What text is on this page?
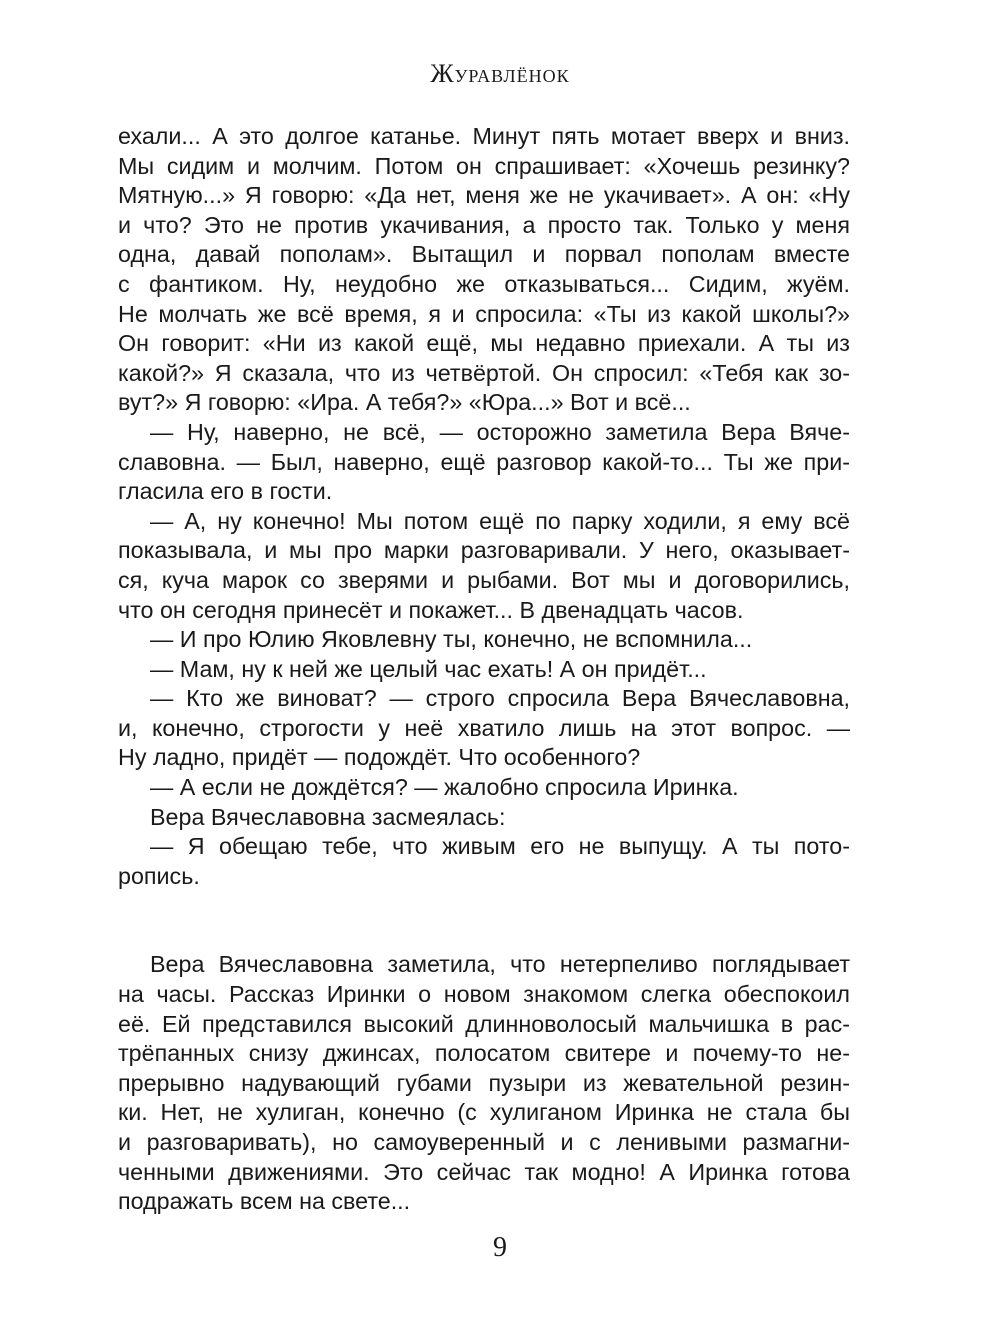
Журавлёнок
ехали... А это долгое катанье. Минут пять мотает вверх и вниз.
Мы сидим и молчим. Потом он спрашивает: «Хочешь резинку?
Мятную...» Я говорю: «Да нет, меня же не укачивает». А он: «Ну
и что? Это не против укачивания, а просто так. Только у меня
одна, давай пополам». Вытащил и порвал пополам вместе
с фантиком. Ну, неудобно же отказываться... Сидим, жуём.
Не молчать же всё время, я и спросила: «Ты из какой школы?»
Он говорит: «Ни из какой ещё, мы недавно приехали. А ты из
какой?» Я сказала, что из четвёртой. Он спросил: «Тебя как зо-
вут?» Я говорю: «Ира. А тебя?» «Юра...» Вот и всё...
— Ну, наверно, не всё, — осторожно заметила Вера Вяче-
славовна. — Был, наверно, ещё разговор какой-то... Ты же при-
гласила его в гости.
— А, ну конечно! Мы потом ещё по парку ходили, я ему всё
показывала, и мы про марки разговаривали. У него, оказывает-
ся, куча марок со зверями и рыбами. Вот мы и договорились,
что он сегодня принесёт и покажет... В двенадцать часов.
— И про Юлию Яковлевну ты, конечно, не вспомнила...
— Мам, ну к ней же целый час ехать! А он придёт...
— Кто же виноват? — строго спросила Вера Вячеславовна,
и, конечно, строгости у неё хватило лишь на этот вопрос. —
Ну ладно, придёт — подождёт. Что особенного?
— А если не дождётся? — жалобно спросила Иринка.
Вера Вячеславовна засмеялась:
— Я обещаю тебе, что живым его не выпущу. А ты пото-
ропись.
Вера Вячеславовна заметила, что нетерпеливо поглядывает
на часы. Рассказ Иринки о новом знакомом слегка обеспокоил
её. Ей представился высокий длинноволосый мальчишка в рас-
трёпанных снизу джинсах, полосатом свитере и почему-то не-
прерывно надувающий губами пузыри из жевательной резин-
ки. Нет, не хулиган, конечно (с хулиганом Иринка не стала бы
и разговаривать), но самоуверенный и с ленивыми размагни-
ченными движениями. Это сейчас так модно! А Иринка готова
подражать всем на свете...
9
